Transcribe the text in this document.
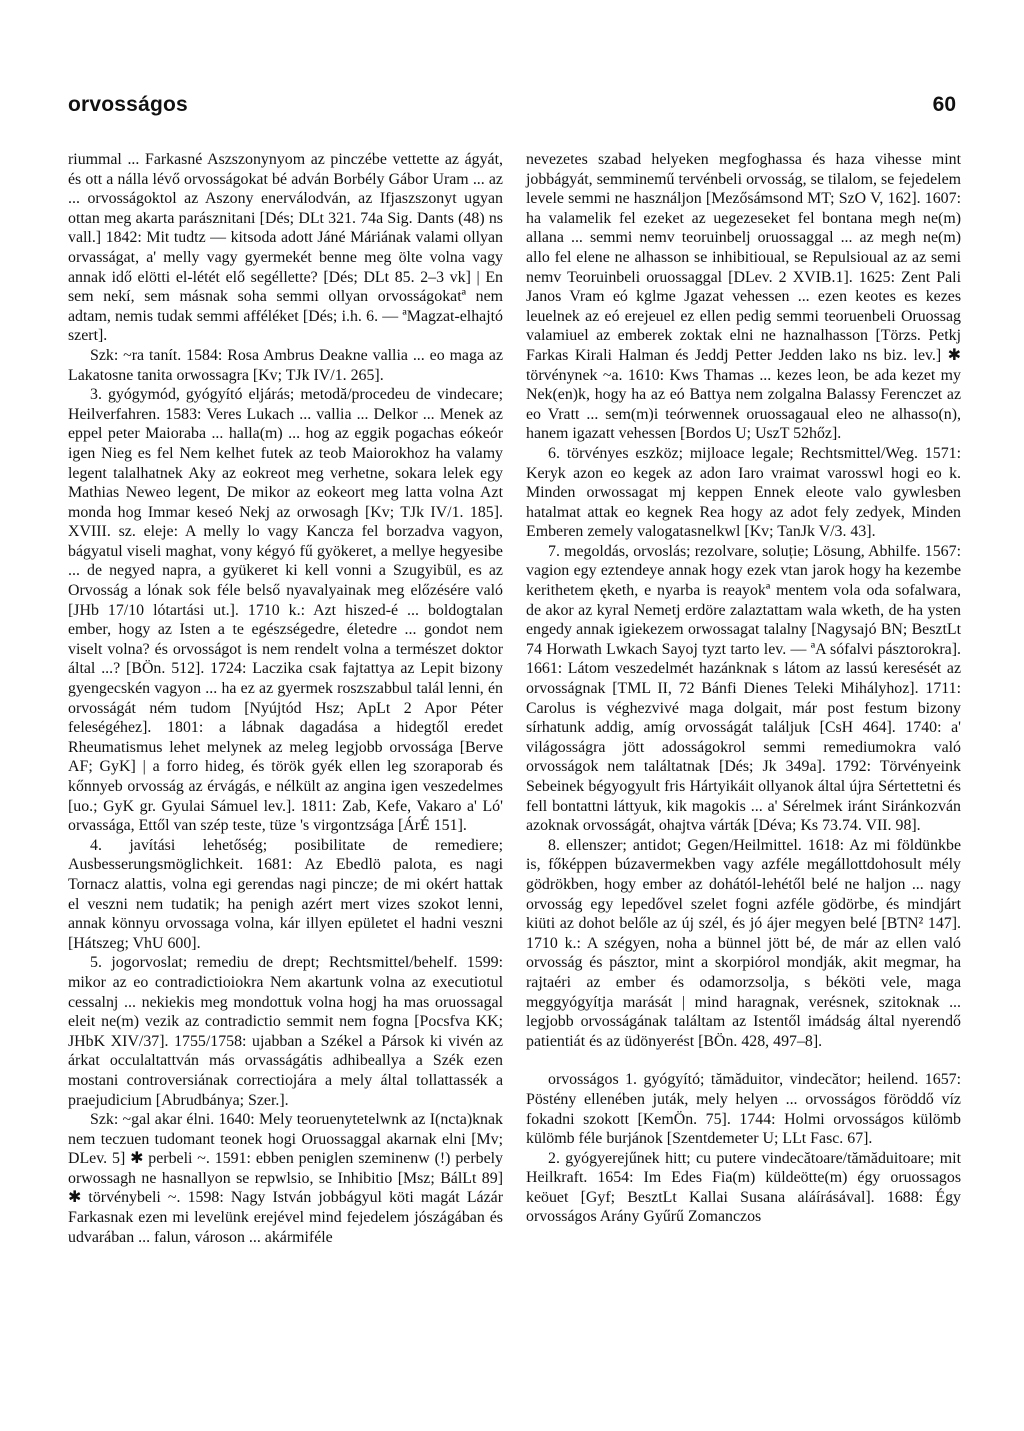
orvosságos	60

riummal ... Farkasné Aszszonynyom az pinczébe vettette az ágyát, és ott a nálla lévő orvosságokat bé adván Borbély Gábor Uram ... az ... orvosságoktol az Aszony enerválodván, az Ifjaszszonyt ugyan ottan meg akarta parásznitani [Dés; DLt 321. 74a Sig. Dants (48) ns vall.] 1842: Mit tudtz — kitsoda adott Jáné Máriának valami ollyan orvasságat, a' melly vagy gyermekét benne meg ölte volna vagy annak idő elötti el-létét elő segéllette? [Dés; DLt 85. 2–3 vk] | En sem nekí, sem másnak soha semmi ollyan orvosságokatª nem adtam, nemis tudak semmi afféléket [Dés; i.h. 6. — ªMagzat-elhajtó szert].

Szk: ~ra tanít. 1584: Rosa Ambrus Deakne vallia ... eo maga az Lakatosne tanita orwossagra [Kv; TJk IV/1. 265].

3. gyógymód, gyógyító eljárás; metodă/procedeu de vindecare; Heilverfahren. 1583: Veres Lukach ... vallia ... Delkor ... Menek az eppel peter Maioraba ... halla(m) ... hog az eggik pogachas eókeór igen Nieg es fel Nem kelhet futek az teob Maiorokhoz ha valamy legent talalhatnek Aky az eokreot meg verhetne, sokara lelek egy Mathias Neweo legent, De mikor az eokeort meg latta volna Azt monda hog Immar keseó Nekj az orwosagh [Kv; TJk IV/1. 185]. XVIII. sz. eleje: A melly lo vagy Kancza fel borzadva vagyon, bágyatul viseli maghat, vony kégyó fű gyökeret, a mellye hegyesibe ... de negyed napra, a gyükeret ki kell vonni a Szugyibül, es az Orvosság a lónak sok féle belső nyavalyainak meg előzésére való [JHb 17/10 lótartási ut.]. 1710 k.: Azt hiszed-é ... boldogtalan ember, hogy az Isten a te egészségedre, életedre ... gondot nem viselt volna? és orvosságot is nem rendelt volna a természet doktor által ...? [BÖn. 512]. 1724: Laczika csak fajtattya az Lepit bizony gyengecskén vagyon ... ha ez az gyermek roszszabbul talál lenni, én orvosságát ném tudom [Nyújtód Hsz; ApLt 2 Apor Péter feleségéhez]. 1801: a lábnak dagadása a hidegtől eredet Rheumatismus lehet melynek az meleg legjobb orvossága [Berve AF; GyK] | a forro hideg, és török gyék ellen leg szoraporab és kőnnyeb orvosság az érvágás, e nélkült az angina igen veszedelmes [uo.; GyK gr. Gyulai Sámuel lev.]. 1811: Zab, Kefe, Vakaro a' Ló' orvassága, Ettől van szép teste, tüze 's virgontzsága [ÁrÉ 151].

4. javítási lehetőség; posibilitate de remediere; Ausbesserungsmöglichkeit. 1681: Az Ebedlö palota, es nagi Tornacz alattis, volna egi gerendas nagi pincze; de mi okért hattak el veszni nem tudatik; ha penigh azért mert vizes szokot lenni, annak könnyu orvossaga volna, kár illyen epületet el hadni veszni [Hátszeg; VhU 600].

5. jogorvoslat; remediu de drept; Rechtsmittel/behelf. 1599: mikor az eo contradictioiokra Nem akartunk volna az executiotul cessalnj ... nekiekis meg mondottuk volna hogj ha mas oruossagal eleit ne(m) vezik az contradictio semmit nem fogna [Pocsfva KK; JHbK XIV/37]. 1755/1758: ujabban a Székel a Pársok ki vivén az árkat occulaltattván más orvasságátis adhibeallya a Szék ezen mostani controversiának correctiojára a mely által tollattassék a praejudicium [Abrudbánya; Szer.].

Szk: ~gal akar élni. 1640: Mely teoruenytetelwnk az I(ncta)knak nem teczuen tudomant teonek hogi Oruossaggal akarnak elni [Mv; DLev. 5] ✱ perbeli ~. 1591: ebben peniglen szeminenw (!) perbely orwossagh ne hasnallyon se repwlsio, se Inhibitio [Msz; BálLt 89] ✱ törvénybeli ~. 1598: Nagy István jobbágyul köti magát Lázár Farkasnak ezen mi levelünk erejével mind fejedelem jószágában és udvarában ... falun, városon ... akármiféle

nevezetes szabad helyeken megfoghassa és haza vihesse mint jobbágyát, semminemű tervénbeli orvosság, se tilalom, se fejedelem levele semmi ne használjon [Mezősámsond MT; SzO V, 162]. 1607: ha valamelik fel ezeket az uegezeseket fel bontana megh ne(m) allana ... semmi nemv teoruinbelj oruossaggal ... az megh ne(m) allo fel elene ne alhasson se inhibitioual, se Repulsioual az az semi nemv Teoruinbeli oruossaggal [DLev. 2 XVIB.1]. 1625: Zent Pali Janos Vram eó kglme Jgazat vehessen ... ezen keotes es kezes leuelnek az eó erejeuel ez ellen pedig semmi teoruenbeli Oruossag valamiuel az emberek zoktak elni ne haznalhasson [Törzs. Petkj Farkas Kirali Halman és Jeddj Petter Jedden lako ns biz. lev.] ✱ törvénynek ~a. 1610: Kws Thamas ... kezes leon, be ada kezet my Nek(en)k, hogy ha az eó Battya nem zolgalna Balassy Ferenczet az eo Vratt ... sem(m)i teórwennek oruossagaual eleo ne alhasso(n), hanem igazatt vehessen [Bordos U; UszT 52hőz].

6. törvényes eszköz; mijloace legale; Rechtsmittel/Weg. 1571: Keryk azon eo kegek az adon Iaro vraimat varosswl hogi eo k. Minden orwossagat mj keppen Ennek eleote valo gywlesben hatalmat attak eo kegnek Rea hogy az adot fely zedyek, Minden Emberen zemely valogatasnelkwl [Kv; TanJk V/3. 43].

7. megoldás, orvoslás; rezolvare, soluție; Lösung, Abhilfe. 1567: vagion egy eztendeye annak hogy ezek vtan jarok hogy ha kezembe kerithetem ęketh, e nyarba is reayokª mentem vola oda sofalwara, de akor az kyral Nemetj erdöre zalaztattam wala wketh, de ha ysten engedy annak igiekezem orwossagat talalny [Nagysajó BN; BesztLt 74 Horwath Lwkach Sayoj tyzt tarto lev. — ªA sófalvi pásztorokra]. 1661: Látom veszedelmét hazánknak s látom az lassú keresését az orvosságnak [TML II, 72 Bánfi Dienes Teleki Mihályhoz]. 1711: Carolus is véghezvivé maga dolgait, már post festum bizony sírhatunk addig, amíg orvosságát találjuk [CsH 464]. 1740: a' világosságra jött adosságokrol semmi remediumokra való orvosságok nem találtatnak [Dés; Jk 349a]. 1792: Törvényeink Sebeinek bégyogyult fris Hártyikáit ollyanok által újra Sértettetni és fell bontattni láttyuk, kik magokis ... a' Sérelmek iránt Siránkozván azoknak orvosságát, ohajtva várták [Déva; Ks 73.74. VII. 98].

8. ellenszer; antidot; Gegen/Heilmittel. 1618: Az mi földünkbe is, főképpen búzavermekben vagy azféle megállottdohosult mély gödrökben, hogy ember az dohától-lehétől belé ne haljon ... nagy orvosság egy lepedővel szelet fogni azféle gödörbe, és mindjárt kiüti az dohot belőle az új szél, és jó ájer megyen belé [BTN² 147]. 1710 k.: A szégyen, noha a bünnel jött bé, de már az ellen való orvosság és pásztor, mint a skorpiórol mondják, akit megmar, ha rajtaéri az ember és odamorzsolja, s béköti vele, maga meggyógyítja marását | mind haragnak, verésnek, szitoknak ... legjobb orvosságának találtam az Istentől imádság által nyerendő patientiát és az üdönyerést [BÖn. 428, 497–8].

orvosságos 1. gyógyító; tămăduitor, vindecător; heilend. 1657: Pöstény ellenében juták, mely helyen ... orvosságos föröddő víz fokadni szokott [KemÖn. 75]. 1744: Holmi orvosságos külömb külömb féle burjánok [Szentdemeter U; LLt Fasc. 67].

2. gyógyerejűnek hitt; cu putere vindecătoare/tămăduitoare; mit Heilkraft. 1654: Im Edes Fia(m) küldeöttе(m) égy oruossagos keöuet [Gyf; BesztLt Kallai Susana aláírásával]. 1688: Égy orvosságos Arány Gyűrű Zomanczos
